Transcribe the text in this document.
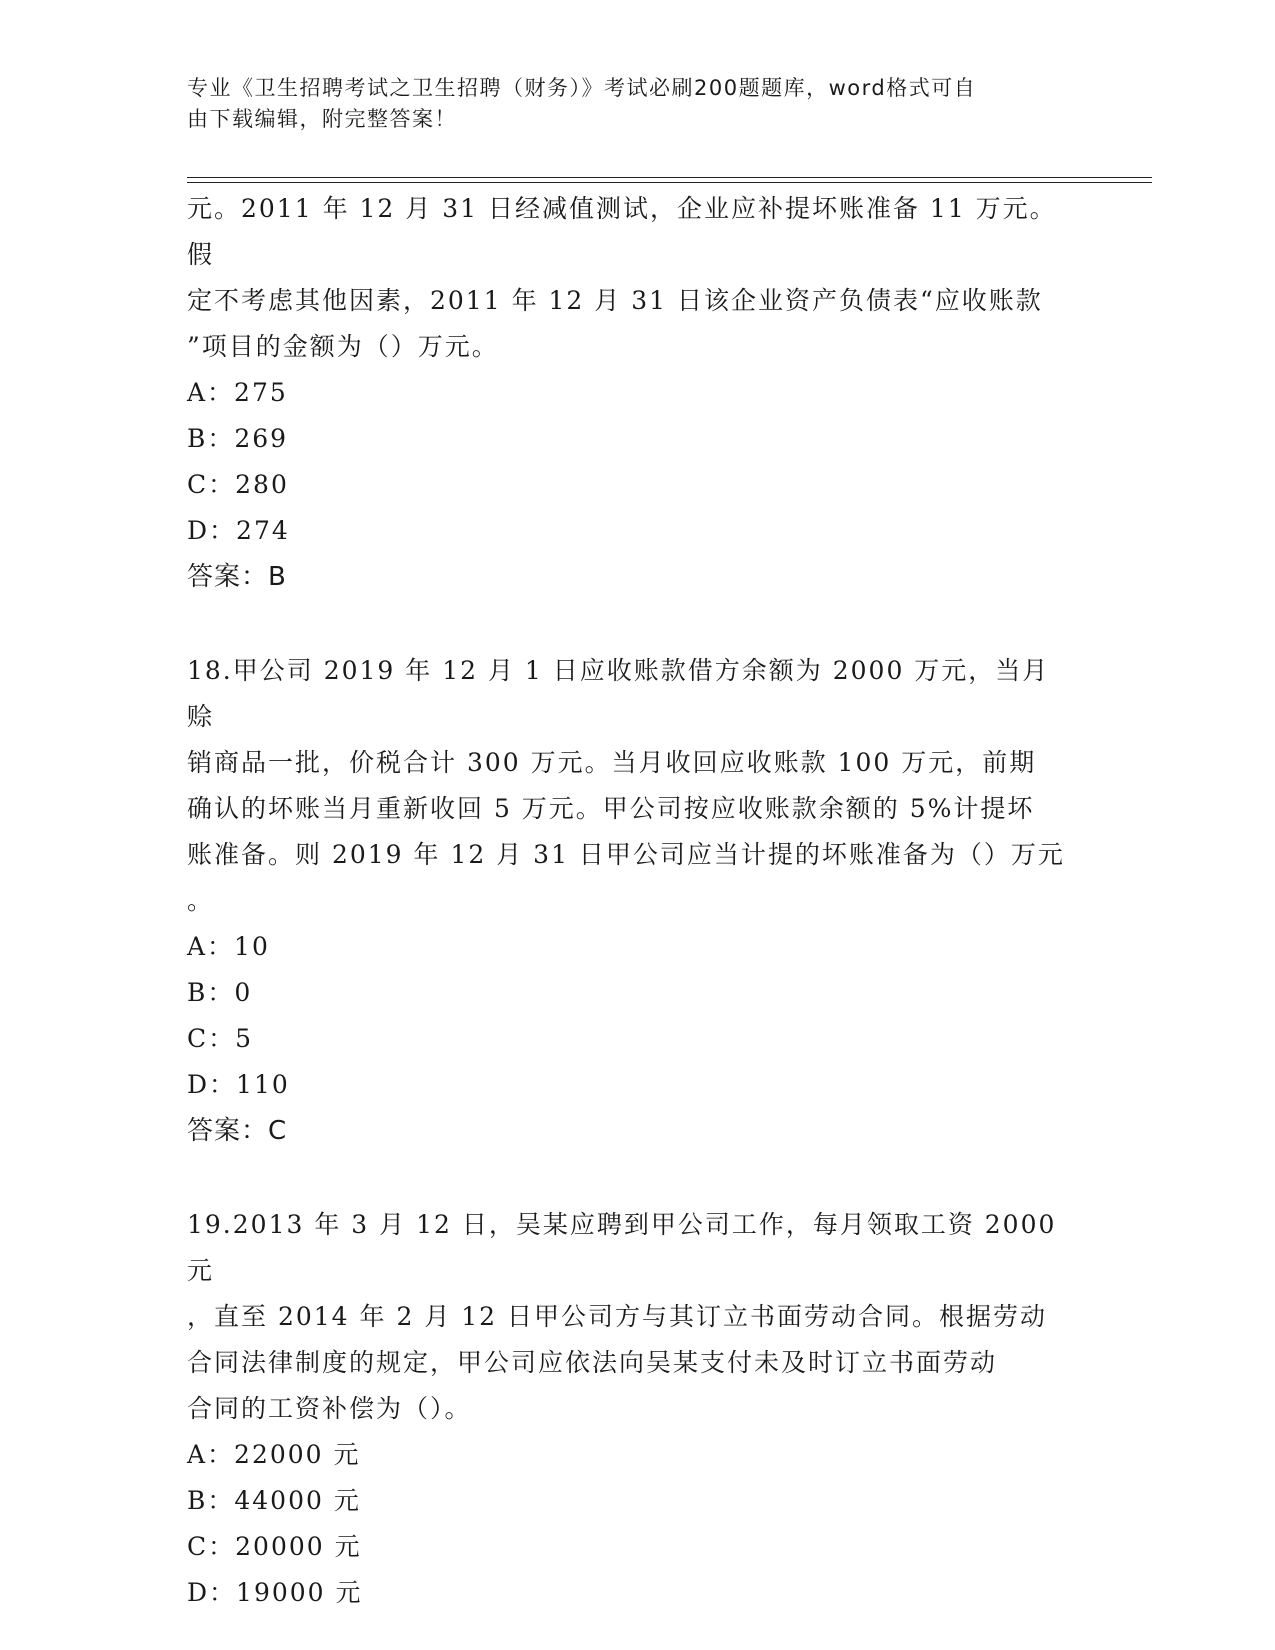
专业《卫生招聘考试之卫生招聘（财务）》考试必刷200题题库，word格式可自
由下载编辑，附完整答案！
元。2011 年 12 月 31 日经减值测试，企业应补提坏账准备 11 万元。假
定不考虑其他因素，2011 年 12 月 31 日该企业资产负债表“应收账款
”项目的金额为（）万元。
A：275
B：269
C：280
D：274
答案：B
18.甲公司 2019 年 12 月 1 日应收账款借方余额为 2000 万元，当月赊
销商品一批，价税合计 300 万元。当月收回应收账款 100 万元，前期
确认的坏账当月重新收回 5 万元。甲公司按应收账款余额的 5%计提坏
账准备。则 2019 年 12 月 31 日甲公司应当计提的坏账准备为（）万元
。
A：10
B：0
C：5
D：110
答案：C
19.2013 年 3 月 12 日，吴某应聘到甲公司工作，每月领取工资 2000 元
，直至 2014 年 2 月 12 日甲公司方与其订立书面劳动合同。根据劳动
合同法律制度的规定，甲公司应依法向吴某支付未及时订立书面劳动
合同的工资补偿为（）。
A：22000 元
B：44000 元
C：20000 元
D：19000 元
